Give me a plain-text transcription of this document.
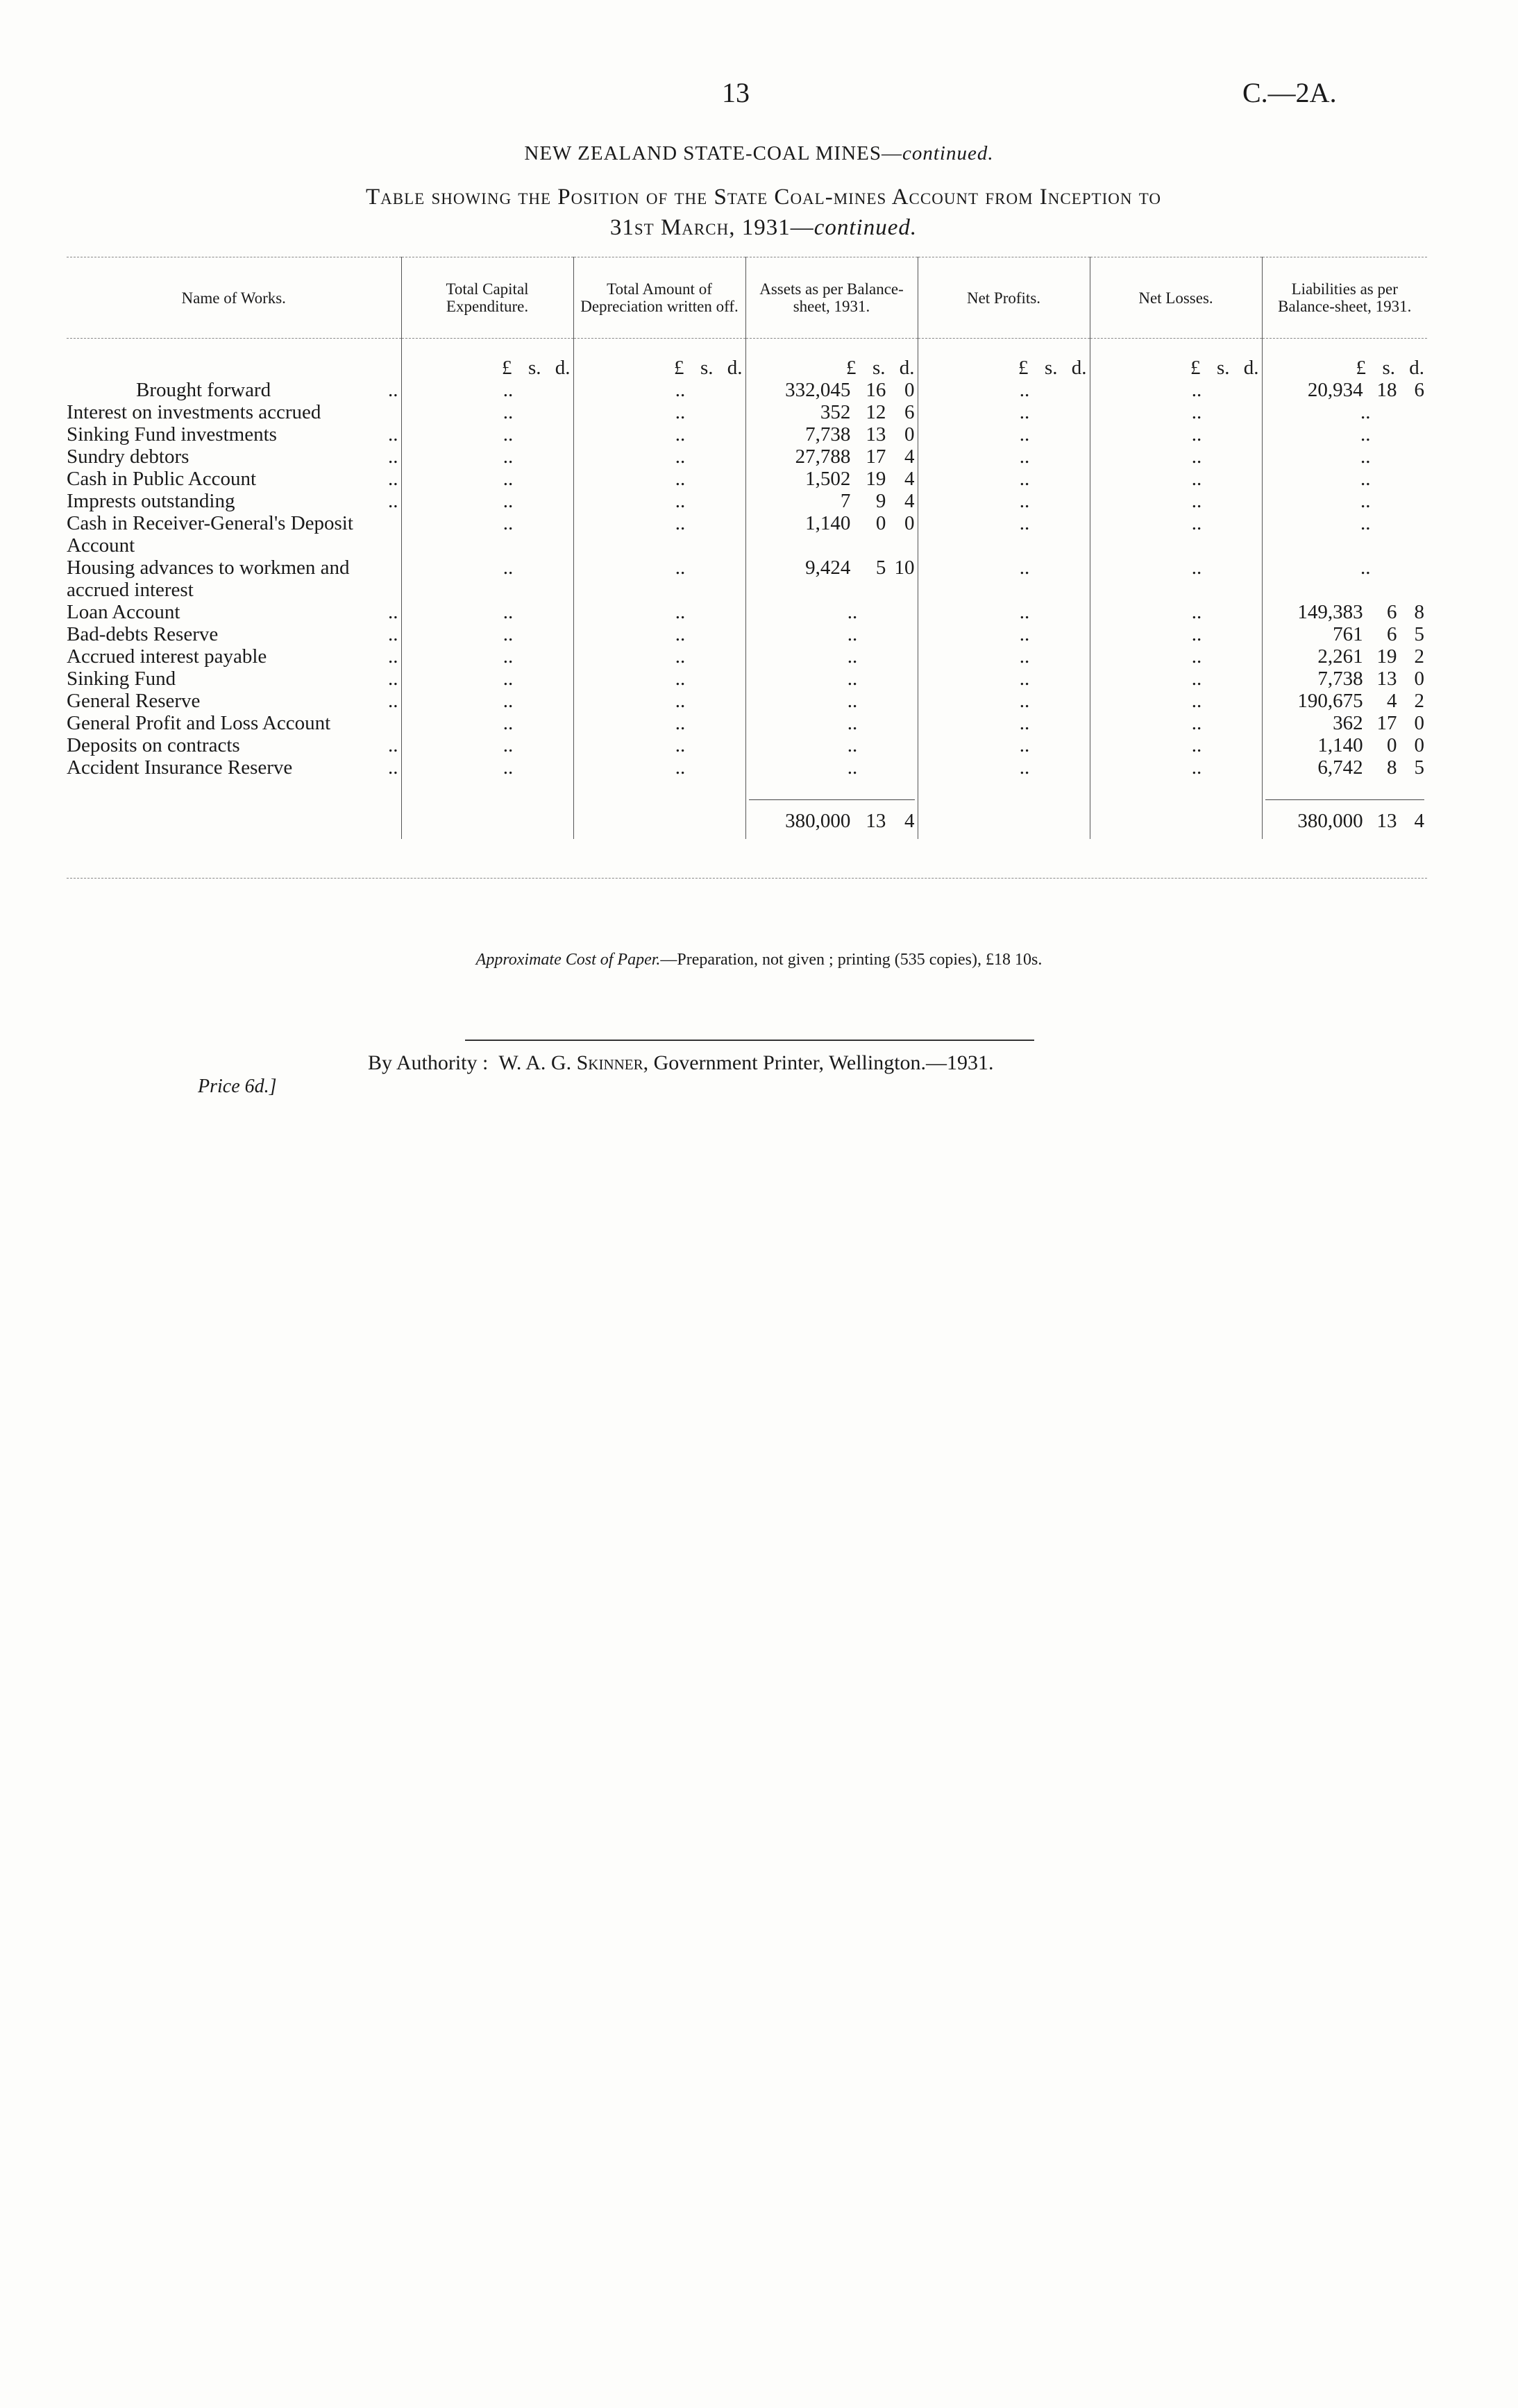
13	C.—2A.
NEW ZEALAND STATE-COAL MINES—continued.
Table showing the Position of the State Coal-mines Account from Inception to
31st March, 1931—continued.
Name of Works.	Total Capital Expenditure.	Total Amount of Depreciation written off.	Assets as per Balance-sheet, 1931.	Net Profits.	Net Losses.	Liabilities as per Balance-sheet, 1931.
	£ s. d.	£ s. d.	£ s. d.	£ s. d.	£ s. d.	£ s. d.

Brought forward ..	..	..	332,045 16 0	..	..	20,934 18 6

Interest on investments accrued	..	..	352 12 6	..	..	..

Sinking Fund investments ..	..	..	7,738 13 0	..	..	..

Sundry debtors ..	..	..	27,788 17 4	..	..	..

Cash in Public Account ..	..	..	1,502 19 4	..	..	..

Imprests outstanding ..	..	..	7 9 4	..	..	..

Cash in Receiver-General's Deposit Account	..	..	1,140 0 0	..	..	..

Housing advances to workmen and accrued interest	..	..	9,424 5 10	..	..	..

Loan Account ..	..	..	..	..	..	149,383 6 8

Bad-debts Reserve ..	..	..	..	..	..	761 6 5

Accrued interest payable ..	..	..	..	..	..	2,261 19 2

Sinking Fund ..	..	..	..	..	..	7,738 13 0

General Reserve ..	..	..	..	..	..	190,675 4 2

General Profit and Loss Account	..	..	..	..	..	362 17 0

Deposits on contracts ..	..	..	..	..	..	1,140 0 0

Accident Insurance Reserve ..	..	..	..	..	..	6,742 8 5

			380,000 13 4			380,000 13 4
Approximate Cost of Paper.—Preparation, not given ; printing (535 copies), £18 10s.
Price 6d.]
By Authority : W. A. G. Skinner, Government Printer, Wellington.—1931.
